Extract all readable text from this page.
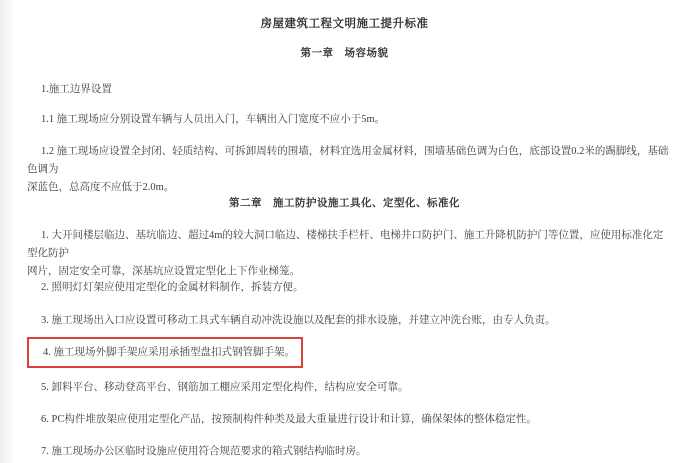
房屋建筑工程文明施工提升标准
第一章　场容场貌
1.施工边界设置
1.1 施工现场应分别设置车辆与人员出入门，车辆出入门宽度不应小于5m。
1.2 施工现场应设置全封闭、轻质结构、可拆卸周转的围墙，材料宜选用金属材料，围墙基础色调为白色，底部设置0.2米的踢脚线，基础色调为
深蓝色，总高度不应低于2.0m。
第二章　施工防护设施工具化、定型化、标准化
1. 大开间楼层临边、基坑临边、超过4m的较大洞口临边、楼梯扶手栏杆、电梯井口防护门、施工升降机防护门等位置，应使用标准化定型化防护
网片，固定安全可靠，深基坑应设置定型化上下作业梯笼。
2. 照明灯灯架应使用定型化的金属材料制作，拆装方便。
3. 施工现场出入口应设置可移动工具式车辆自动冲洗设施以及配套的排水设施，并建立冲洗台账，由专人负责。
4. 施工现场外脚手架应采用承插型盘扣式钢管脚手架。
5. 卸料平台、移动登高平台、钢筋加工棚应采用定型化构件，结构应安全可靠。
6. PC构件堆放架应使用定型化产品，按预制构件种类及最大重量进行设计和计算，确保架体的整体稳定性。
7. 施工现场办公区临时设施应使用符合规范要求的箱式钢结构临时房。
